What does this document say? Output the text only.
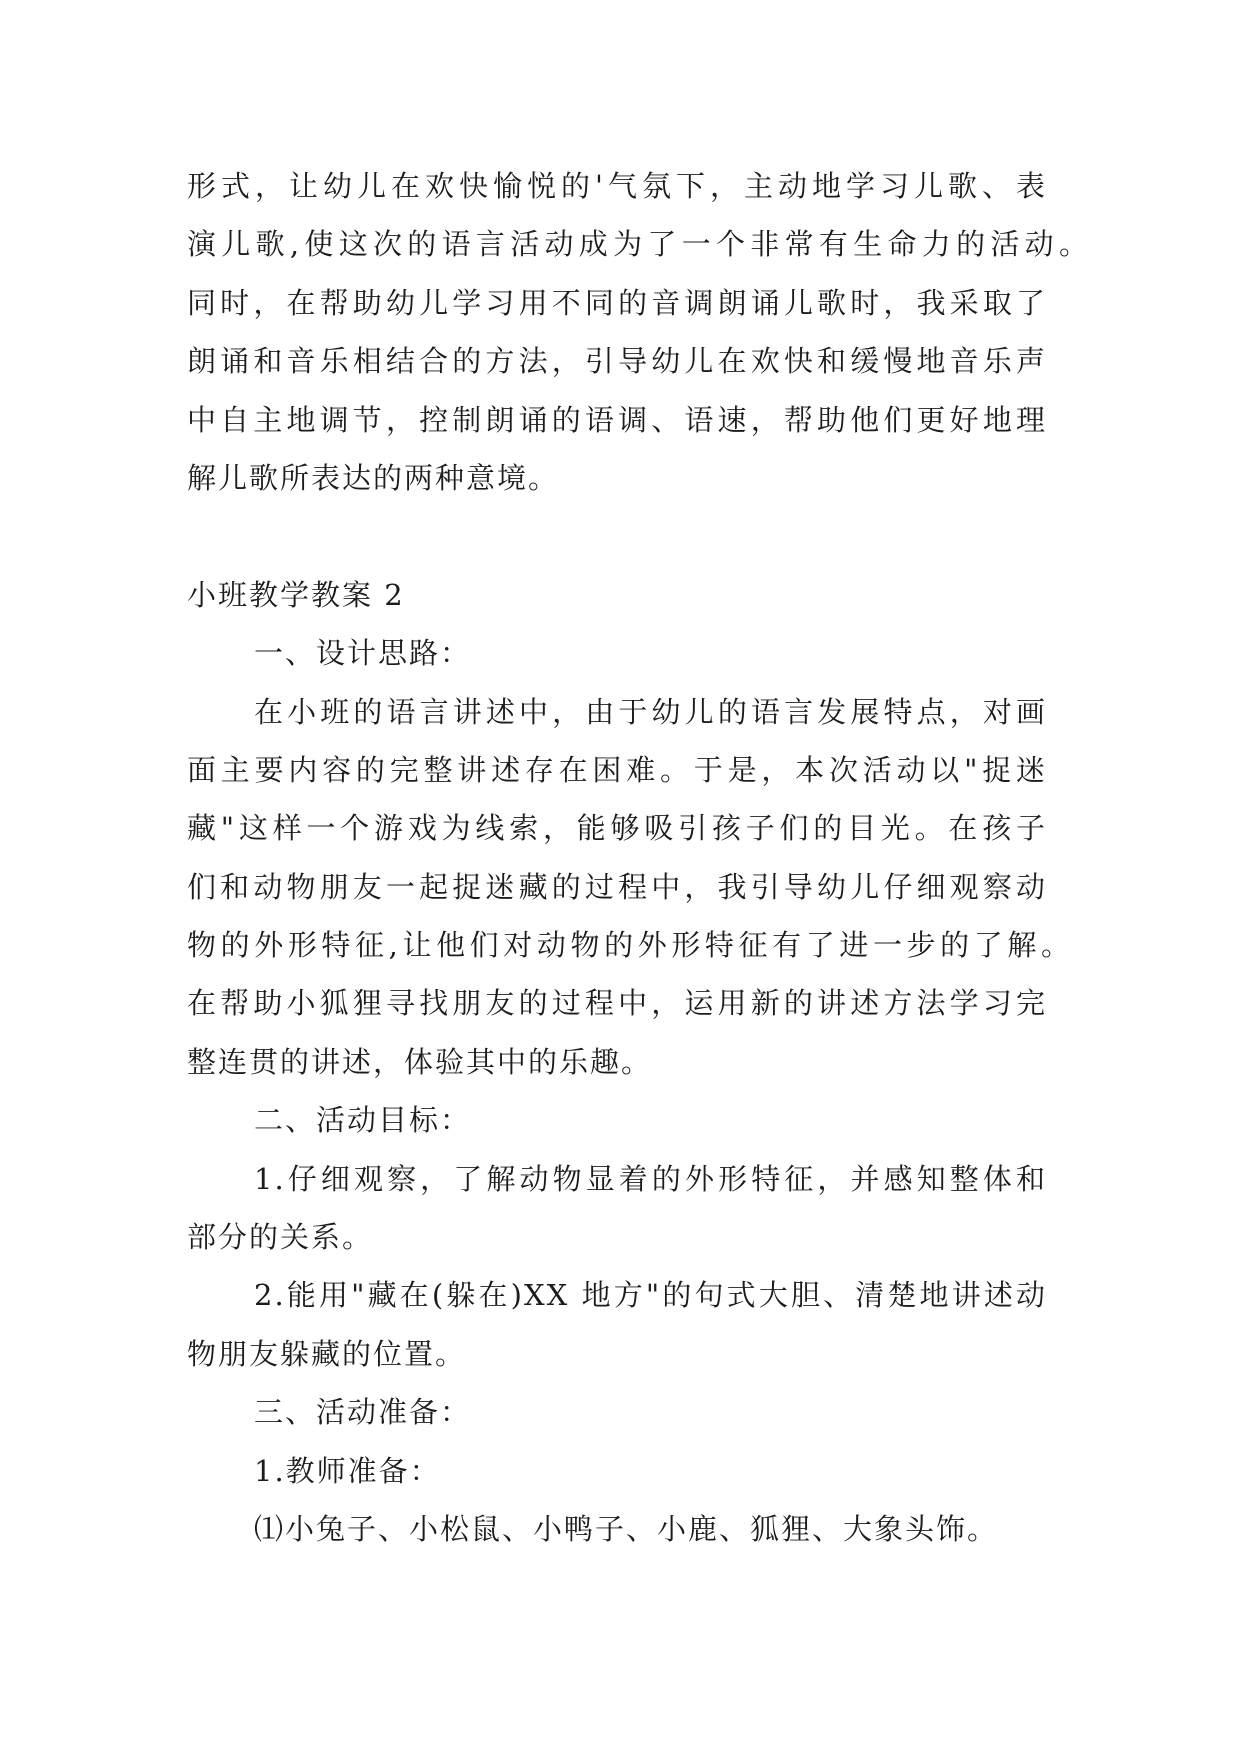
形式，让幼儿在欢快愉悦的'气氛下，主动地学习儿歌、表
演儿歌,使这次的语言活动成为了一个非常有生命力的活动。
同时，在帮助幼儿学习用不同的音调朗诵儿歌时，我采取了
朗诵和音乐相结合的方法，引导幼儿在欢快和缓慢地音乐声
中自主地调节，控制朗诵的语调、语速，帮助他们更好地理
解儿歌所表达的两种意境。
小班教学教案 2
一、设计思路：
在小班的语言讲述中，由于幼儿的语言发展特点，对画
面主要内容的完整讲述存在困难。于是，本次活动以"捉迷
藏"这样一个游戏为线索，能够吸引孩子们的目光。在孩子
们和动物朋友一起捉迷藏的过程中，我引导幼儿仔细观察动
物的外形特征,让他们对动物的外形特征有了进一步的了解。
在帮助小狐狸寻找朋友的过程中，运用新的讲述方法学习完
整连贯的讲述，体验其中的乐趣。
二、活动目标：
1.仔细观察，了解动物显着的外形特征，并感知整体和
部分的关系。
2.能用"藏在(躲在)XX 地方"的句式大胆、清楚地讲述动
物朋友躲藏的位置。
三、活动准备：
1.教师准备：
⑴小兔子、小松鼠、小鸭子、小鹿、狐狸、大象头饰。
